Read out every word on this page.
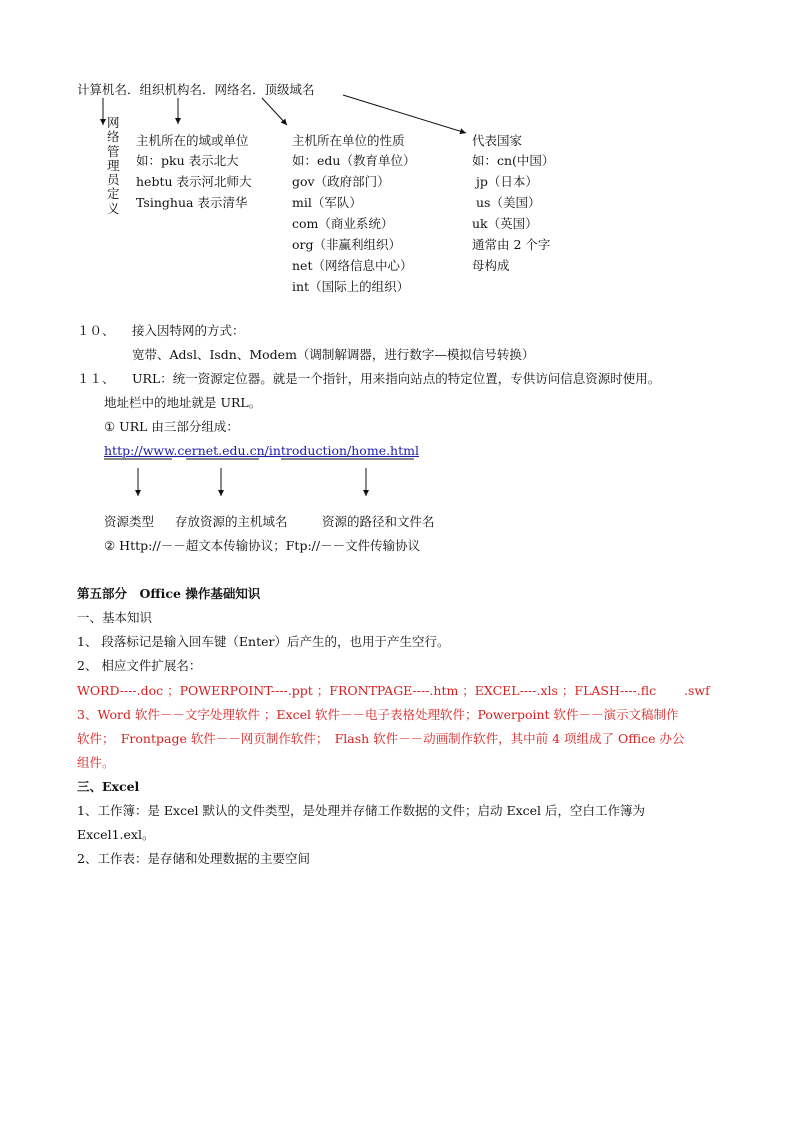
计算机名．组织机构名．网络名．顶级域名
网络管理员定义
主机所在的域或单位
如：pku 表示北大
hebtu 表示河北师大
Tsinghua 表示清华
主机所在单位的性质
如：edu（教育单位）
gov（政府部门）
mil（军队）
com（商业系统）
org（非赢利组织）
net（网络信息中心）
int（国际上的组织）
代表国家
如：cn(中国）
jp（日本）
us（美国）
uk（英国）
通常由 2 个字
母构成
１０、 接入因特网的方式：
宽带、Adsl、Isdn、Modem（调制解调器，进行数字—模拟信号转换）
１１、 URL：统一资源定位器。就是一个指针，用来指向站点的特定位置，专供访问信息资源时使用。
地址栏中的地址就是 URL。
① URL 由三部分组成：
http://www.cernet.edu.cn/introduction/home.html
资源类型 存放资源的主机域名	资源的路径和文件名
② Http://－－超文本传输协议；Ftp://－－文件传输协议
第五部分　Office 操作基础知识
一、基本知识
1、 段落标记是输入回车键（Enter）后产生的，也用于产生空行。
2、 相应文件扩展名：
WORD----.doc ；POWERPOINT----.ppt ；FRONTPAGE----.htm ；EXCEL----.xls ；FLASH----.flc .swf
3、Word 软件－－文字处理软件 ；Excel 软件－－电子表格处理软件；Powerpoint 软件－－演示文稿制作
软件；　Frontpage 软件－－网页制作软件；　Flash 软件－－动画制作软件，其中前 4 项组成了 Office 办公
组件。
三、Excel
1、工作簿：是 Excel 默认的文件类型，是处理并存储工作数据的文件；启动 Excel 后，空白工作簿为
Excel1.exl。
2、工作表：是存储和处理数据的主要空间
